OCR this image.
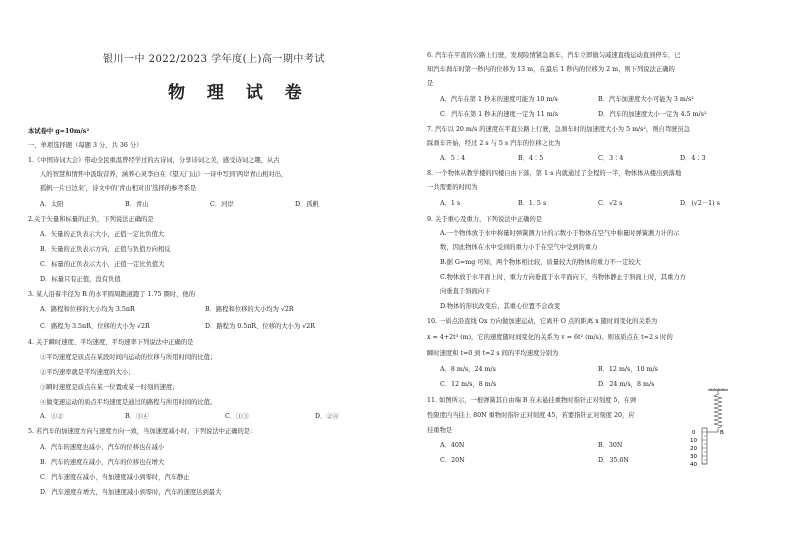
银川一中 2022/2023 学年度(上)高一期中考试
物 理 试 卷
本试卷中 g=10m/s²
一、单项选择题（每题 3 分，共 36 分）
1.《中国诗词大会》带动全民重温曾经学过的古诗词，分享诗词之美，感受诗词之趣，从古
人的智慧和情怀中汲取营养，涵养心灵李白在《望天门山》一诗中写到'两岸青山相对出，
孤帆一片日边来'，诗文中的'青山相对出'选择的参考系是
A．太阳	B．青山	C．河岸	D．孤帆
2.关于矢量和标量的正负，下列说法正确的是
A．矢量的正负表示大小，正值一定比负值大
B．矢量的正负表示方向，正值与负值方向相反
C．标量的正负表示大小，正值一定比负值大
D．标量只有正值，没有负值
3. 某人沿着半径为 R 的水平圆周跑道跑了 1.75 圈时，他的
A．路程和位移的大小均为 3.5πR	B．路程和位移的大小均为 √2R
C．路程为 3.5πR、位移的大小为 √2R	D．路程为 0.5πR、位移的大小为 √2R
4. 关于瞬时速度、平均速度、平均速率下列说法中正确的是
①平均速度是质点在某段时间内运动的位移与所用时间的比值；
②平均速率就是平均速度的大小；
③瞬时速度是质点在某一位置或某一时刻的速度；
④做变速运动的质点平均速度是通过的路程与所用时间的比值。
A．①②	B．③④	C．①③	D．②④
5. 若汽车的加速度方向与速度方向一致，当加速度减小时，下列说法中正确的是：
A．汽车的速度也减小，汽车的位移也在减小
B．汽车的速度在减小，汽车的位移也在增大
C．汽车速度在减小，当加速度减小到零时，汽车静止
D．汽车速度在增大，当加速度减小到零时，汽车的速度达到最大
6. 汽车在平直的公路上行驶，发现险情紧急刹车，汽车立即做匀减速直线运动直到停车，已
知汽车刹车时第一秒内的位移为 13 m，在最后 1 秒内的位移为 2 m，则下列说法正确的
是
A．汽车在第 1 秒末的速度可能为 10 m/s	B．汽车加速度大小可能为 3 m/s²
C．汽车在第 1 秒末的速度一定为 11 m/s	D．汽车的加速度大小一定为 4.5 m/s²
7. 汽车以 20 m/s 的速度在平直公路上行驶，急刹车时的加速度大小为 5 m/s²，则自驾驶员急
踩刹车开始，经过 2 s 与 5 s 汽车的位移之比为
A．5∶4	B．4∶5	C．3∶4	D．4∶3
8. 一个物体从教学楼的四楼自由下落，第 1 s 内就通过了全程的一半，物体体从楼出到落地
一共需要的时间为
A．1 s	B．1. 5 s	C．√2 s	D．(√2－1) s
9. 关于重心及重力，下列说法中正确的是
A.一个物体放于水中称量时弹簧测力计的示数小于物体在空气中称量时弹簧测力计的示
数，因此物体在水中受到的重力小于在空气中受到的重力
B.据 G=mg 可知，两个物体相比较，质量较大的物体的重力不一定较大
C.物体放于水平面上时，重力方向垂直于水平面向下，当物体静止于斜面上时，其重力方
向垂直于斜面向下
D.物体的形状改变后，其重心位置不会改变
10. 一质点沿直线 Ox 方向做加速运动，它离开 O 点的距离 x 随时间变化的关系为
x = 4+2t³ (m)，它的速度随时间变化的关系为 v = 6t² (m/s)。则该质点在 t=2 s 时的
瞬时速度和 t=0 到 t=2 s 间的平均速度分别为
A．8 m/s，24 m/s	B．12 m/s，10 m/s
C．12 m/s，8 m/s	D．24 m/s，8 m/s
11. 如图所示，一根弹簧其自由端 B 在未悬挂重物时指针正对刻度 5，在弹
性限度内当挂上 80N 重物时指针正对刻度 45，若要指针正对刻度 20，应
挂重物是
A．40N	B．30N
C．20N	D．35.6N
B
0
10
20
30
40
